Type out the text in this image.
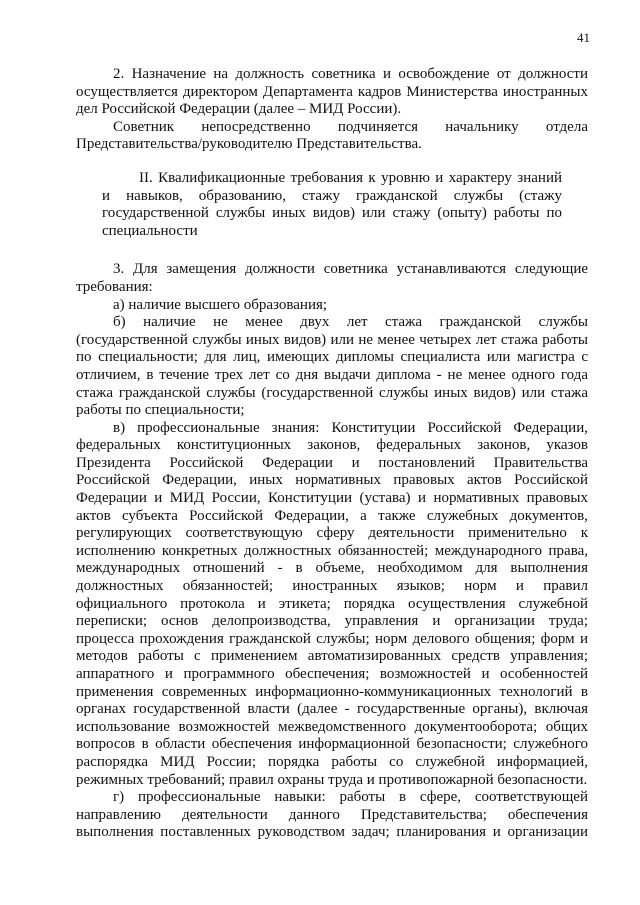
41

2. Назначение на должность советника и освобождение от должности осуществляется директором Департамента кадров Министерства иностранных дел Российской Федерации (далее – МИД России).

Советник непосредственно подчиняется начальнику отдела Представительства/руководителю Представительства.

II. Квалификационные требования к уровню и характеру знаний и навыков, образованию, стажу гражданской службы (стажу государственной службы иных видов) или стажу (опыту) работы по специальности

3. Для замещения должности советника устанавливаются следующие требования:

а) наличие высшего образования;

б) наличие не менее двух лет стажа гражданской службы (государственной службы иных видов) или не менее четырех лет стажа работы по специальности; для лиц, имеющих дипломы специалиста или магистра с отличием, в течение трех лет со дня выдачи диплома - не менее одного года стажа гражданской службы (государственной службы иных видов) или стажа работы по специальности;

в) профессиональные знания: Конституции Российской Федерации, федеральных конституционных законов, федеральных законов, указов Президента Российской Федерации и постановлений Правительства Российской Федерации, иных нормативных правовых актов Российской Федерации и МИД России, Конституции (устава) и нормативных правовых актов субъекта Российской Федерации, а также служебных документов, регулирующих соответствующую сферу деятельности применительно к исполнению конкретных должностных обязанностей; международного права, международных отношений - в объеме, необходимом для выполнения должностных обязанностей; иностранных языков; норм и правил официального протокола и этикета; порядка осуществления служебной переписки; основ делопроизводства, управления и организации труда; процесса прохождения гражданской службы; норм делового общения; форм и методов работы с применением автоматизированных средств управления; аппаратного и программного обеспечения; возможностей и особенностей применения современных информационно-коммуникационных технологий в органах государственной власти (далее - государственные органы), включая использование возможностей межведомственного документооборота; общих вопросов в области обеспечения информационной безопасности; служебного распорядка МИД России; порядка работы со служебной информацией, режимных требований; правил охраны труда и противопожарной безопасности.

г) профессиональные навыки: работы в сфере, соответствующей направлению деятельности данного Представительства; обеспечения выполнения поставленных руководством задач; планирования и организации
